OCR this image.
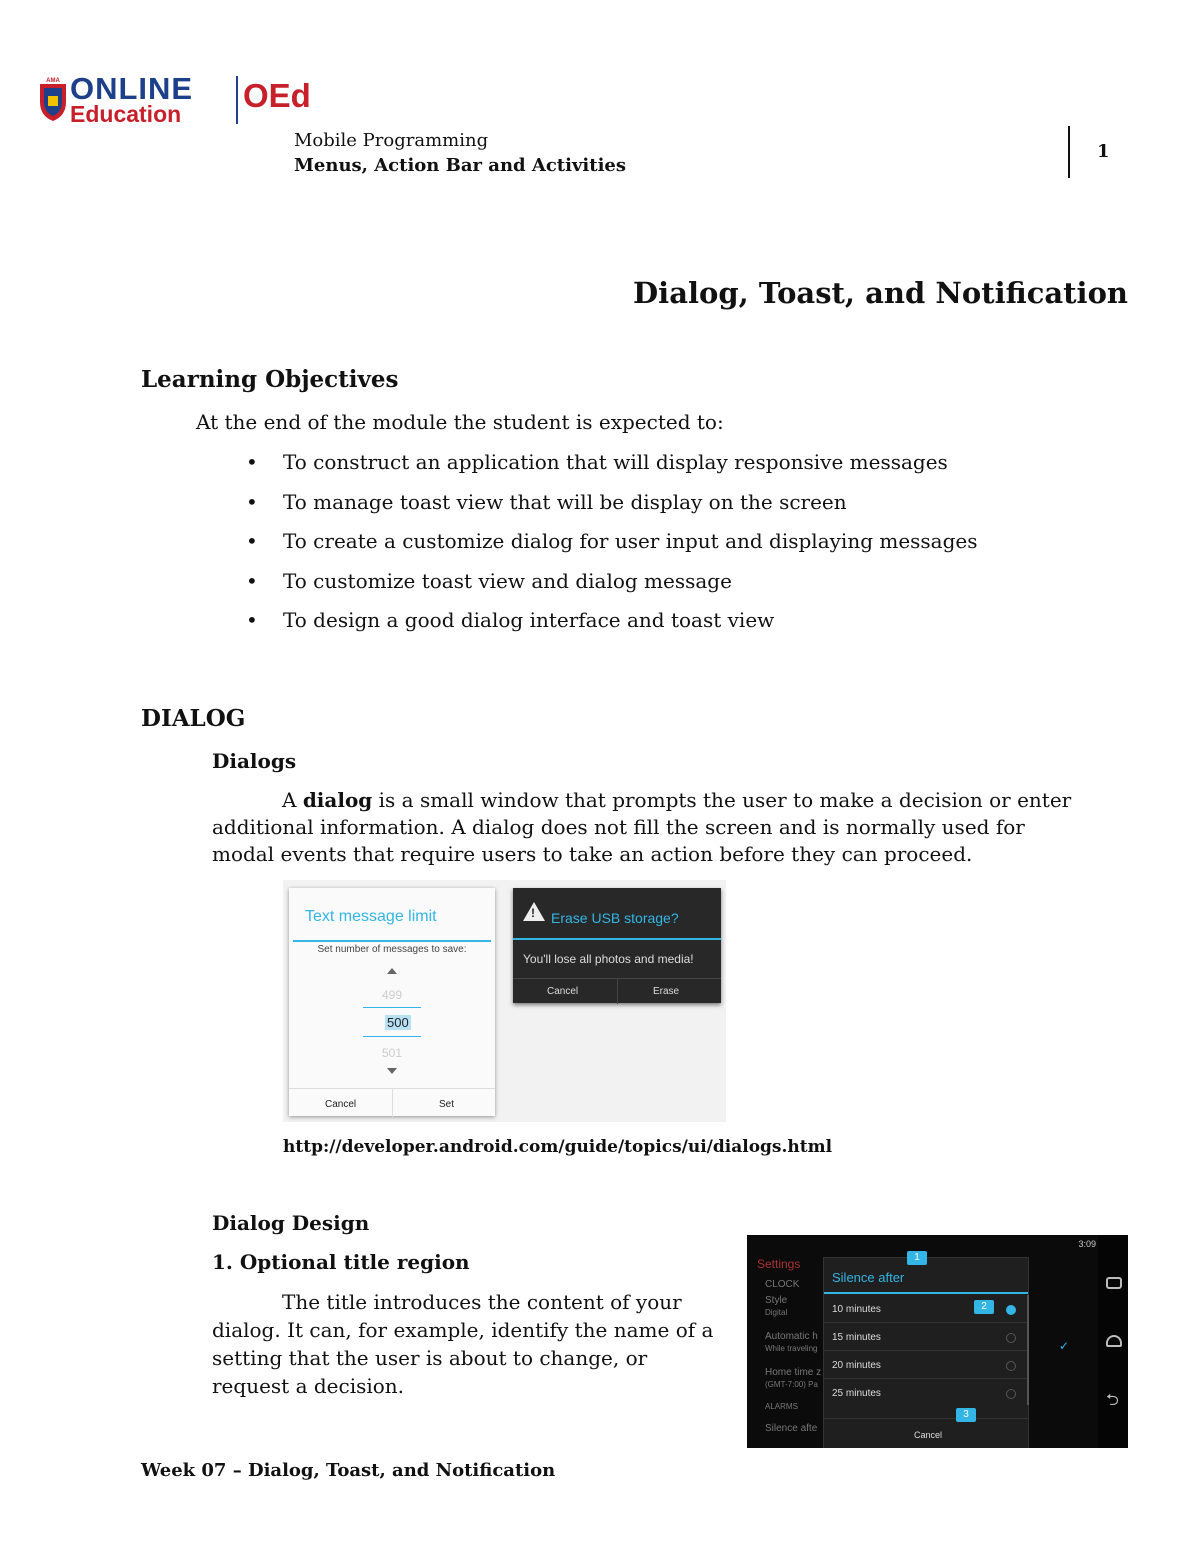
AMA ONLINE
Education OEd
Mobile Programming
Menus, Action Bar and Activities
1
Dialog, Toast, and Notification
Learning Objectives
At the end of the module the student is expected to:
• To construct an application that will display responsive messages
• To manage toast view that will be display on the screen
• To create a customize dialog for user input and displaying messages
• To customize toast view and dialog message
• To design a good dialog interface and toast view
DIALOG
Dialogs
A dialog is a small window that prompts the user to make a decision or enter additional information. A dialog does not fill the screen and is normally used for modal events that require users to take an action before they can proceed.
Text message limit
Set number of messages to save:
499
500
501
Cancel	Set
!
Erase USB storage?
You'll lose all photos and media!
Cancel	Erase
http://developer.android.com/guide/topics/ui/dialogs.html
Dialog Design
1. Optional title region
The title introduces the content of your dialog. It can, for example, identify the name of a setting that the user is about to change, or request a decision.
3:09
Settings
CLOCK
Style
Digital
Automatic h
While traveling
Home time z
(GMT-7:00) Pa
ALARMS
Silence afte
✓
Silence after
10 minutes
15 minutes
20 minutes
25 minutes
Cancel
1
2
3
⮌
Week 07 – Dialog, Toast, and Notification
